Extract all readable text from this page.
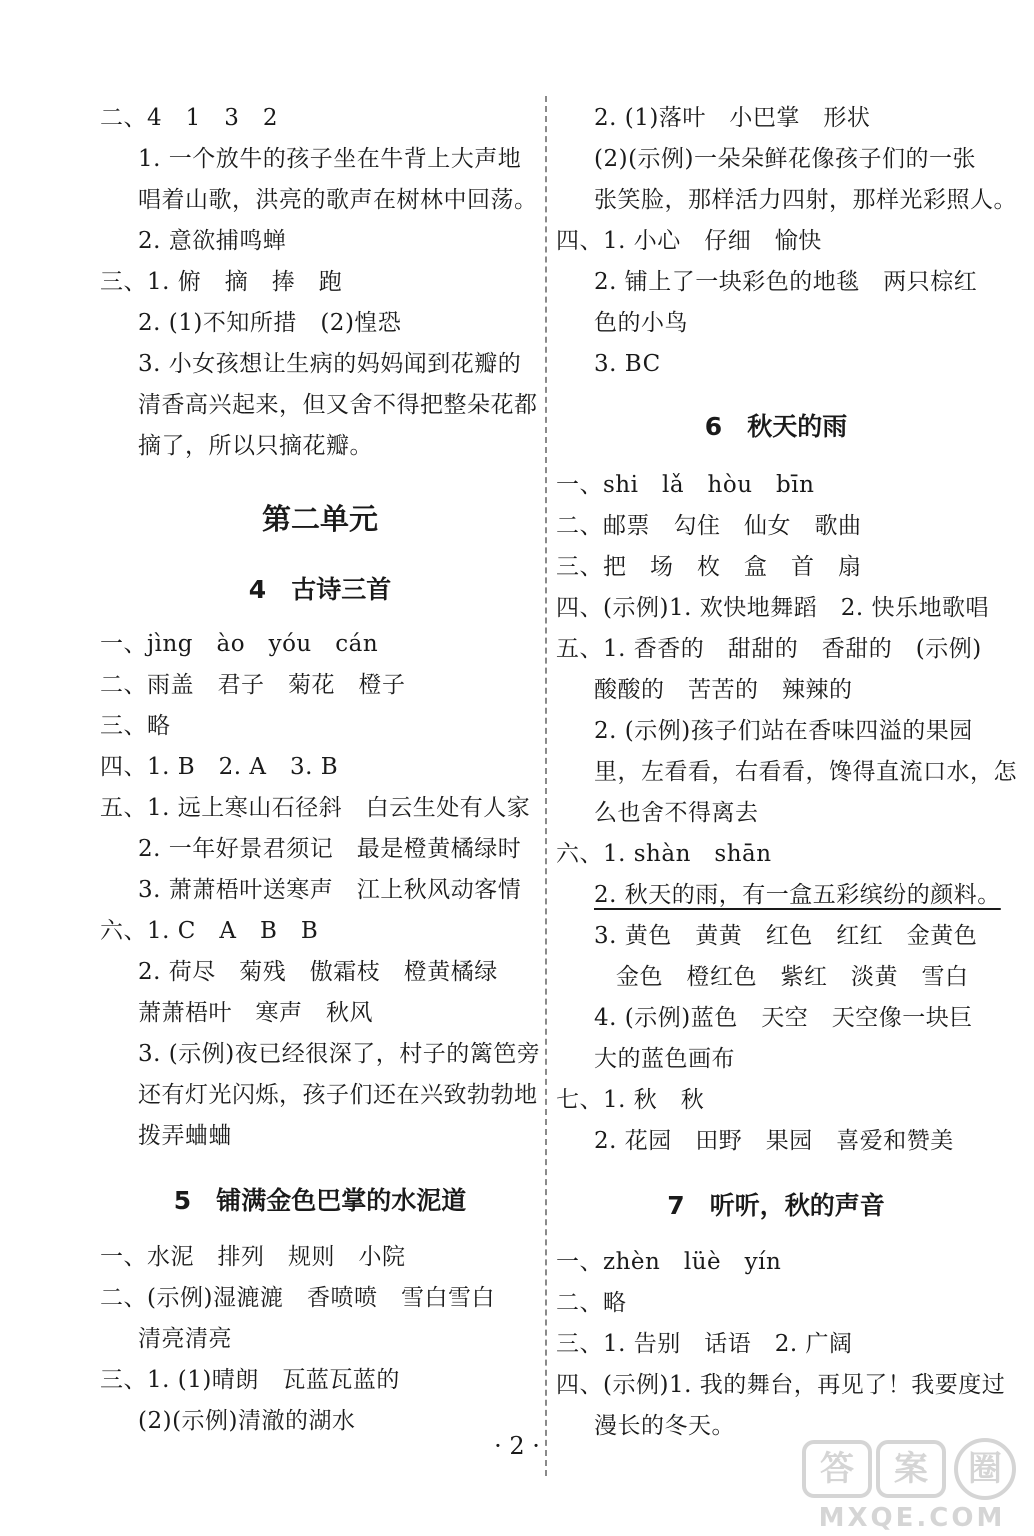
二、4　1　3　2
1. 一个放牛的孩子坐在牛背上大声地
唱着山歌，洪亮的歌声在树林中回荡。
2. 意欲捕鸣蝉
三、1. 俯　摘　捧　跑
2. (1)不知所措　(2)惶恐
3. 小女孩想让生病的妈妈闻到花瓣的
清香高兴起来，但又舍不得把整朵花都
摘了，所以只摘花瓣。
第二单元
4　古诗三首
一、jìng　ào　yóu　cán
二、雨盖　君子　菊花　橙子
三、略
四、1. B　2. A　3. B
五、1. 远上寒山石径斜　白云生处有人家
2. 一年好景君须记　最是橙黄橘绿时
3. 萧萧梧叶送寒声　江上秋风动客情
六、1. C　A　B　B
2. 荷尽　菊残　傲霜枝　橙黄橘绿
萧萧梧叶　寒声　秋风
3. (示例)夜已经很深了，村子的篱笆旁
还有灯光闪烁，孩子们还在兴致勃勃地
拨弄蛐蛐
5　铺满金色巴掌的水泥道
一、水泥　排列　规则　小院
二、(示例)湿漉漉　香喷喷　雪白雪白
清亮清亮
三、1. (1)晴朗　瓦蓝瓦蓝的
(2)(示例)清澈的湖水
2. (1)落叶　小巴掌　形状
(2)(示例)一朵朵鲜花像孩子们的一张
张笑脸，那样活力四射，那样光彩照人。
四、1. 小心　仔细　愉快
2. 铺上了一块彩色的地毯　两只棕红
色的小鸟
3. BC
6　秋天的雨
一、shi　lǎ　hòu　bīn
二、邮票　勾住　仙女　歌曲
三、把　场　枚　盒　首　扇
四、(示例)1. 欢快地舞蹈　2. 快乐地歌唱
五、1. 香香的　甜甜的　香甜的　(示例)
酸酸的　苦苦的　辣辣的
2. (示例)孩子们站在香味四溢的果园
里，左看看，右看看，馋得直流口水，怎
么也舍不得离去
六、1. shàn　shān
2. 秋天的雨，有一盒五彩缤纷的颜料。
3. 黄色　黄黄　红色　红红　金黄色
金色　橙红色　紫红　淡黄　雪白
4. (示例)蓝色　天空　天空像一块巨
大的蓝色画布
七、1. 秋　秋
2. 花园　田野　果园　喜爱和赞美
7　听听，秋的声音
一、zhèn　lüè　yín
二、略
三、1. 告别　话语　2. 广阔
四、(示例)1. 我的舞台，再见了！我要度过
漫长的冬天。
· 2 ·
答 案 圈
MXQE.COM
